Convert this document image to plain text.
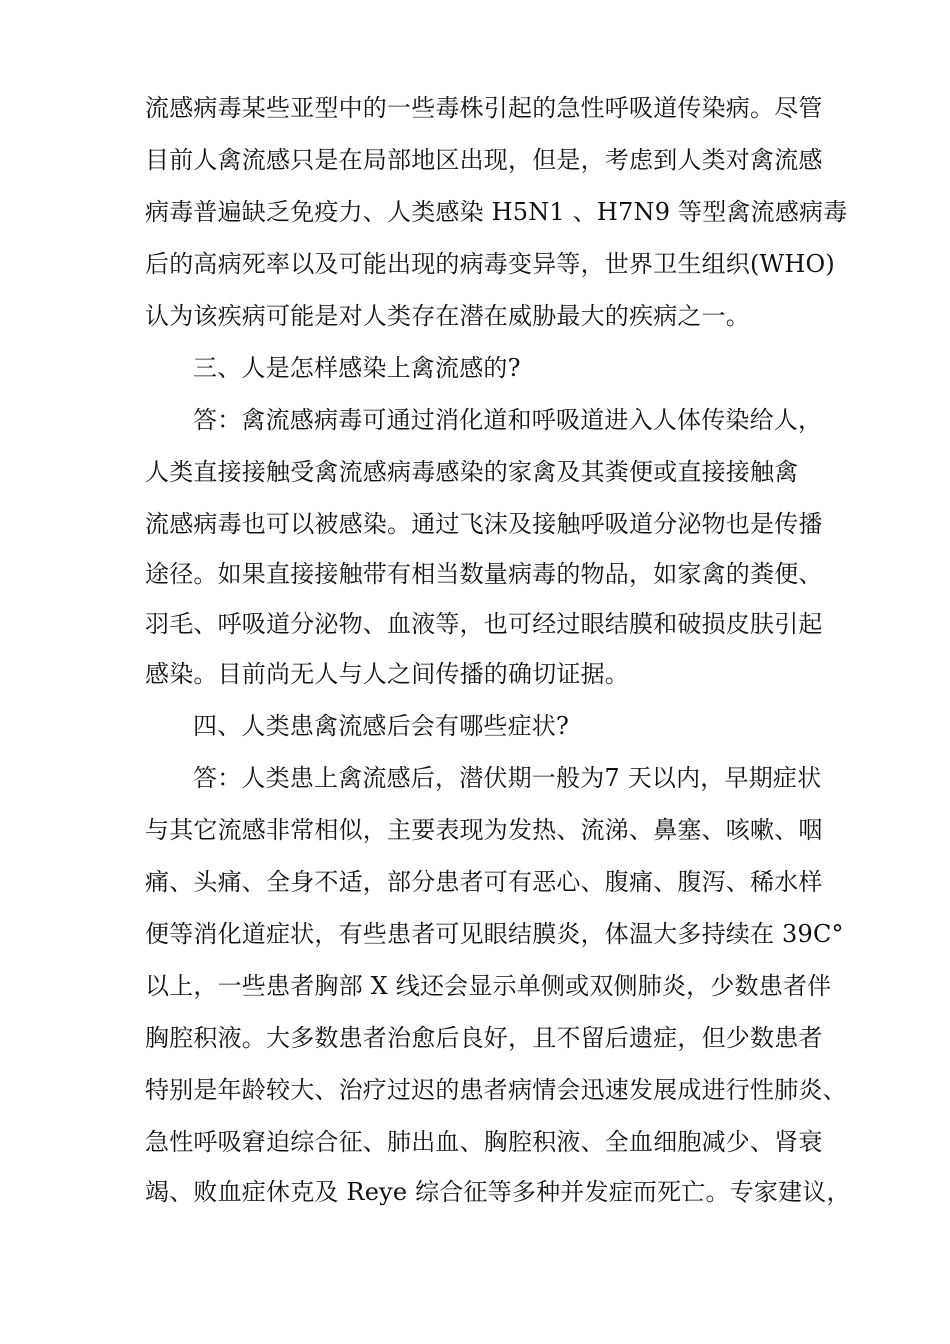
流感病毒某些亚型中的一些毒株引起的急性呼吸道传染病。尽管
目前人禽流感只是在局部地区出现，但是，考虑到人类对禽流感
病毒普遍缺乏免疫力、人类感染 H5N1 、H7N9 等型禽流感病毒
后的高病死率以及可能出现的病毒变异等，世界卫生组织(WHO)
认为该疾病可能是对人类存在潜在威胁最大的疾病之一。
三、人是怎样感染上禽流感的?
答：禽流感病毒可通过消化道和呼吸道进入人体传染给人，
人类直接接触受禽流感病毒感染的家禽及其粪便或直接接触禽
流感病毒也可以被感染。通过飞沫及接触呼吸道分泌物也是传播
途径。如果直接接触带有相当数量病毒的物品，如家禽的粪便、
羽毛、呼吸道分泌物、血液等，也可经过眼结膜和破损皮肤引起
感染。目前尚无人与人之间传播的确切证据。
四、人类患禽流感后会有哪些症状?
答：人类患上禽流感后，潜伏期一般为7 天以内，早期症状
与其它流感非常相似，主要表现为发热、流涕、鼻塞、咳嗽、咽
痛、头痛、全身不适，部分患者可有恶心、腹痛、腹泻、稀水样
便等消化道症状，有些患者可见眼结膜炎，体温大多持续在 39C°
以上，一些患者胸部 X 线还会显示单侧或双侧肺炎，少数患者伴
胸腔积液。大多数患者治愈后良好，且不留后遗症，但少数患者
特别是年龄较大、治疗过迟的患者病情会迅速发展成进行性肺炎、
急性呼吸窘迫综合征、肺出血、胸腔积液、全血细胞减少、肾衰
竭、败血症休克及 Reye 综合征等多种并发症而死亡。专家建议，
